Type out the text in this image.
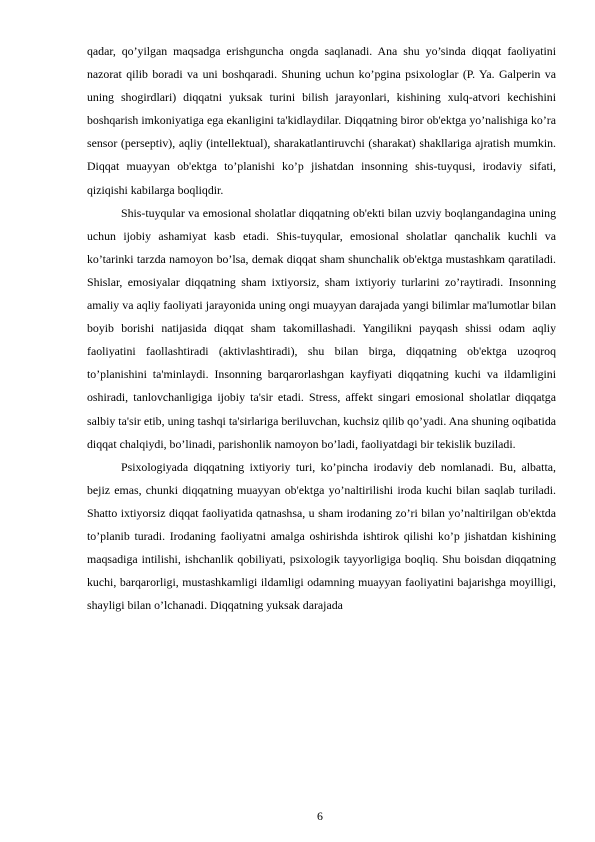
qadar, qo’yilgan maqsadga erishguncha ongda saqlanadi. Ana shu yo’sinda diqqat faoliyatini nazorat qilib boradi va uni boshqaradi. Shuning uchun ko’pgina psixologlar (P. Ya. Galperin va uning shogirdlari) diqqatni yuksak turini bilish jarayonlari, kishining xulq-atvori kechishini boshqarish imkoniyatiga ega ekanligini ta'kidlaydilar. Diqqatning biror ob'ektga yo’nalishiga ko’ra sensor (perseptiv), aqliy (intellektual), sharakatlantiruvchi (sharakat) shakllariga ajratish mumkin. Diqqat muayyan ob'ektga to’planishi ko’p jishatdan insonning shis-tuyqusi, irodaviy sifati, qiziqishi kabilarga boqliqdir.

Shis-tuyqular va emosional sholatlar diqqatning ob'ekti bilan uzviy boqlangandagina uning uchun ijobiy ashamiyat kasb etadi. Shis-tuyqular, emosional sholatlar qanchalik kuchli va ko’tarinki tarzda namoyon bo’lsa, demak diqqat sham shunchalik ob'ektga mustashkam qaratiladi. Shislar, emosiyalar diqqatning sham ixtiyorsiz, sham ixtiyoriy turlarini zo’raytiradi. Insonning amaliy va aqliy faoliyati jarayonida uning ongi muayyan darajada yangi bilimlar ma'lumotlar bilan boyib borishi natijasida diqqat sham takomillashadi. Yangilikni payqash shissi odam aqliy faoliyatini faollashtiradi (aktivlashtiradi), shu bilan birga, diqqatning ob'ektga uzoqroq to’planishini ta'minlaydi. Insonning barqarorlashgan kayfiyati diqqatning kuchi va ildamligini oshiradi, tanlovchanligiga ijobiy ta'sir etadi. Stress, affekt singari emosional sholatlar diqqatga salbiy ta'sir etib, uning tashqi ta'sirlariga beriluvchan, kuchsiz qilib qo’yadi. Ana shuning oqibatida diqqat chalqiydi, bo’linadi, parishonlik namoyon bo’ladi, faoliyatdagi bir tekislik buziladi.

Psixologiyada diqqatning ixtiyoriy turi, ko’pincha irodaviy deb nomlanadi. Bu, albatta, bejiz emas, chunki diqqatning muayyan ob'ektga yo’naltirilishi iroda kuchi bilan saqlab turiladi. Shatto ixtiyorsiz diqqat faoliyatida qatnashsa, u sham irodaning zo’ri bilan yo’naltirilgan ob'ektda to’planib turadi. Irodaning faoliyatni amalga oshirishda ishtirok qilishi ko’p jishatdan kishining maqsadiga intilishi, ishchanlik qobiliyati, psixologik tayyorligiga boqliq. Shu boisdan diqqatning kuchi, barqarorligi, mustashkamligi ildamligi odamning muayyan faoliyatini bajarishga moyilligi, shayligi bilan o’lchanadi. Diqqatning yuksak darajada

6
